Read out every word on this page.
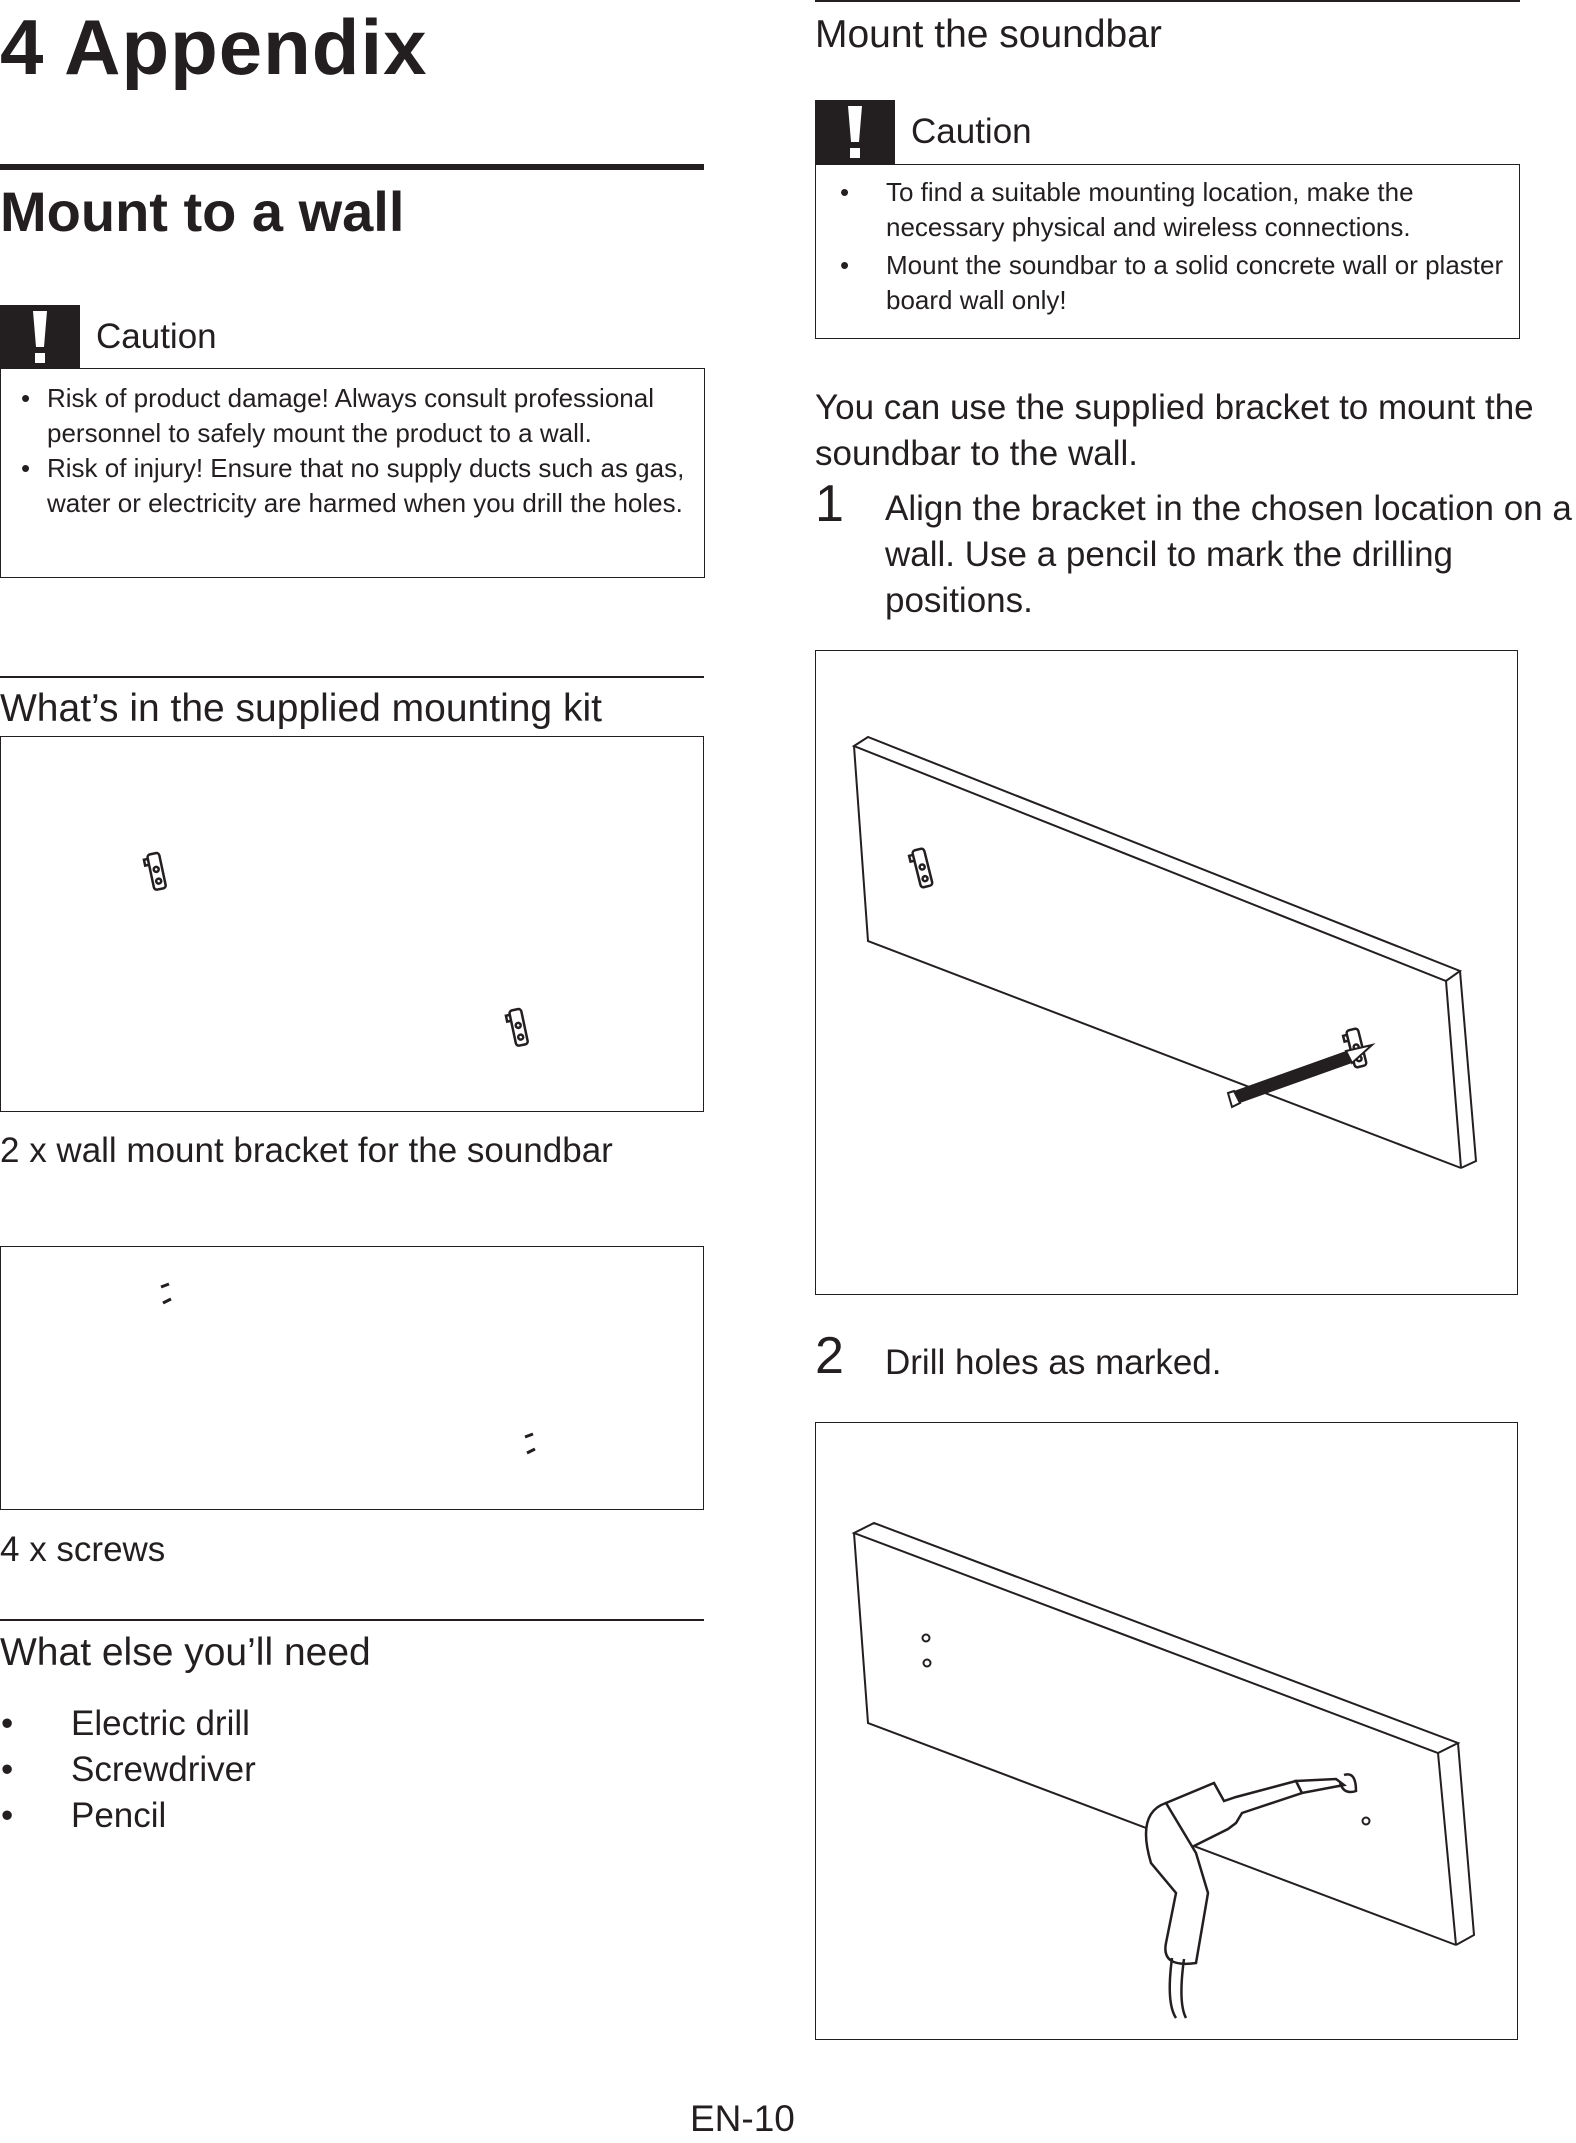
4 Appendix
Mount to a wall
Caution
• Risk of product damage! Always consult professional personnel to safely mount the product to a wall.
• Risk of injury! Ensure that no supply ducts such as gas, water or electricity are harmed when you drill the holes.
What’s in the supplied mounting kit
2 x wall mount bracket for the soundbar
4 x screws
What else you’ll need
• Electric drill
• Screwdriver
• Pencil
Mount the soundbar
Caution
• To find a suitable mounting location, make the necessary physical and wireless connections.
• Mount the soundbar to a solid concrete wall or plaster board wall only!
You can use the supplied bracket to mount the soundbar to the wall.
1 Align the bracket in the chosen location on a wall. Use a pencil to mark the drilling positions.
2 Drill holes as marked.
EN-10
